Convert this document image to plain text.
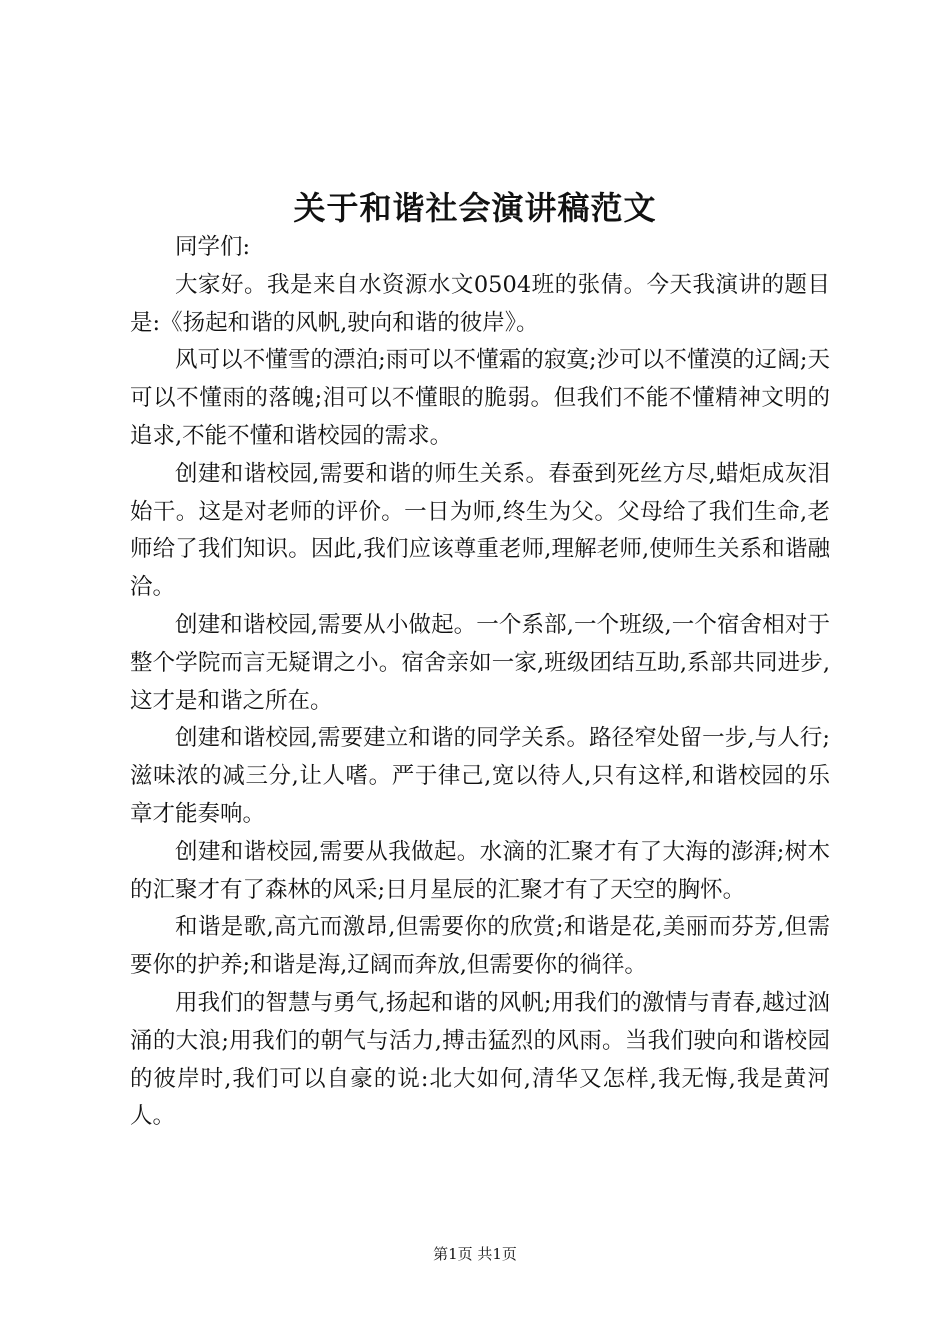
关于和谐社会演讲稿范文

同学们:

大家好。我是来自水资源水文0504班的张倩。今天我演讲的题目是:《扬起和谐的风帆,驶向和谐的彼岸》。

风可以不懂雪的漂泊;雨可以不懂霜的寂寞;沙可以不懂漠的辽阔;天可以不懂雨的落魄;泪可以不懂眼的脆弱。但我们不能不懂精神文明的追求,不能不懂和谐校园的需求。

创建和谐校园,需要和谐的师生关系。春蚕到死丝方尽,蜡炬成灰泪始干。这是对老师的评价。一日为师,终生为父。父母给了我们生命,老师给了我们知识。因此,我们应该尊重老师,理解老师,使师生关系和谐融洽。

创建和谐校园,需要从小做起。一个系部,一个班级,一个宿舍相对于整个学院而言无疑谓之小。宿舍亲如一家,班级团结互助,系部共同进步,这才是和谐之所在。

创建和谐校园,需要建立和谐的同学关系。路径窄处留一步,与人行;滋味浓的减三分,让人嗜。严于律己,宽以待人,只有这样,和谐校园的乐章才能奏响。

创建和谐校园,需要从我做起。水滴的汇聚才有了大海的澎湃;树木的汇聚才有了森林的风采;日月星辰的汇聚才有了天空的胸怀。

和谐是歌,高亢而激昂,但需要你的欣赏;和谐是花,美丽而芬芳,但需要你的护养;和谐是海,辽阔而奔放,但需要你的徜徉。

用我们的智慧与勇气,扬起和谐的风帆;用我们的激情与青春,越过汹涌的大浪;用我们的朝气与活力,搏击猛烈的风雨。当我们驶向和谐校园的彼岸时,我们可以自豪的说:北大如何,清华又怎样,我无悔,我是黄河人。

第1页 共1页
